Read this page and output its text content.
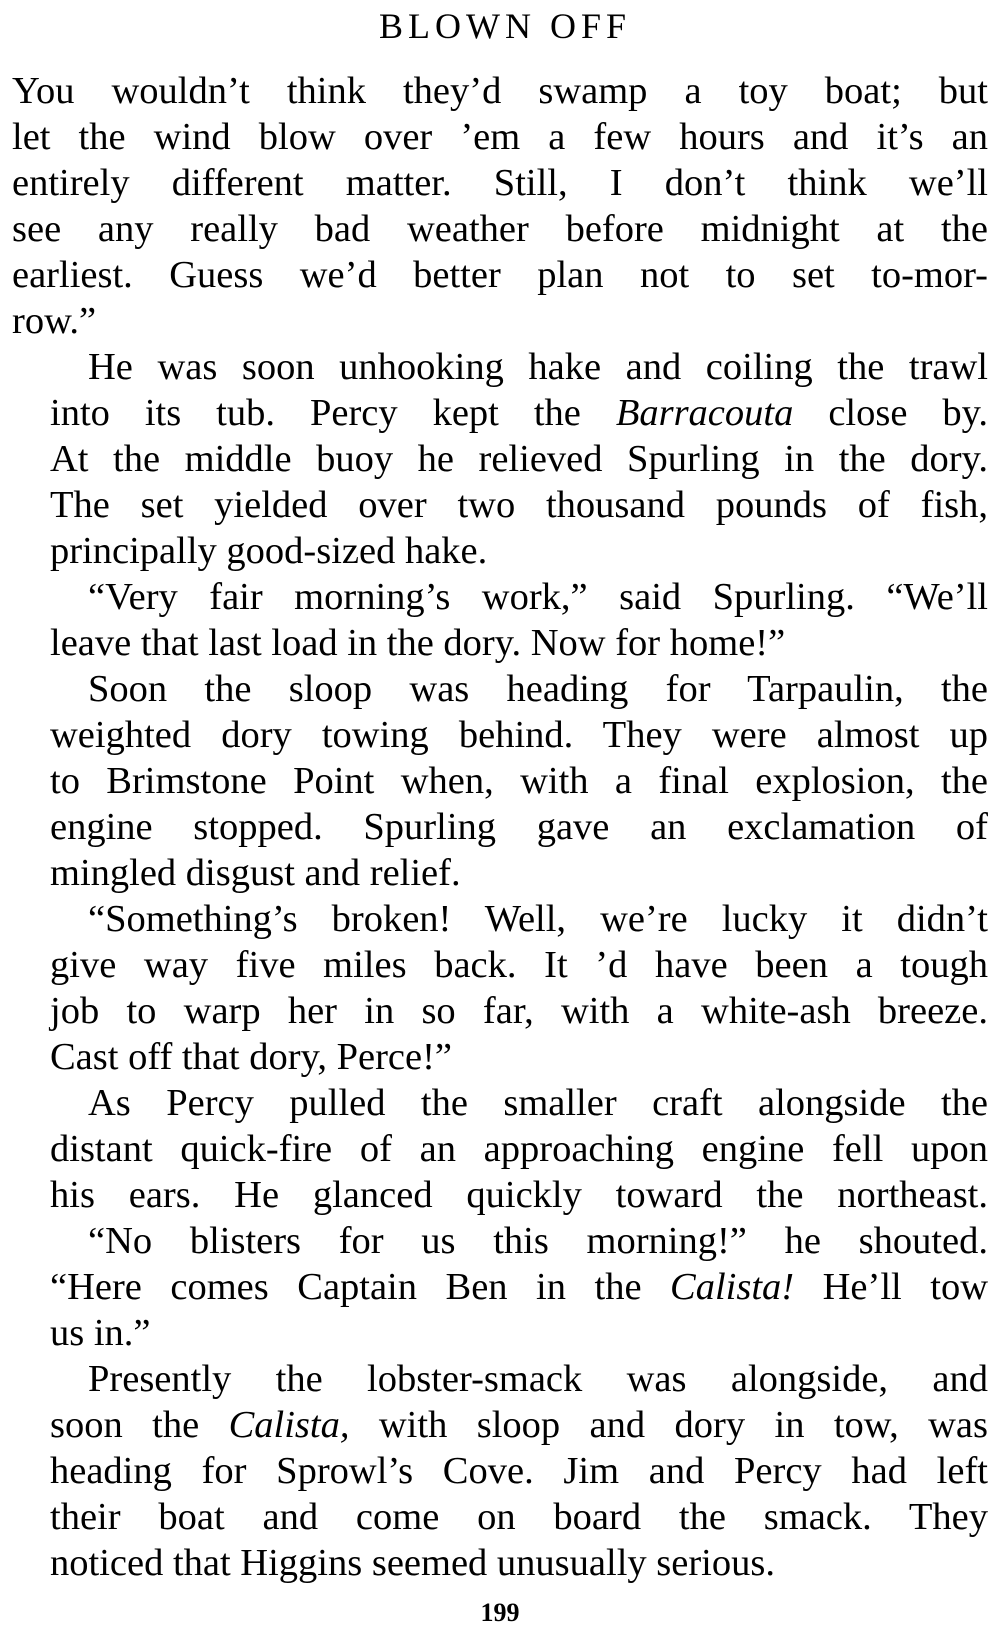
BLOWN OFF
You wouldn’t think they’d swamp a toy boat; but
let the wind blow over ’em a few hours and it’s an
entirely different matter. Still, I don’t think we’ll
see any really bad weather before midnight at the
earliest. Guess we’d better plan not to set to-mor-
row.”
He was soon unhooking hake and coiling the trawl
into its tub. Percy kept the Barracouta close by.
At the middle buoy he relieved Spurling in the dory.
The set yielded over two thousand pounds of fish,
principally good-sized hake.
“Very fair morning’s work,” said Spurling. “We’ll
leave that last load in the dory. Now for home!”
Soon the sloop was heading for Tarpaulin, the
weighted dory towing behind. They were almost up
to Brimstone Point when, with a final explosion, the
engine stopped. Spurling gave an exclamation of
mingled disgust and relief.
“Something’s broken! Well, we’re lucky it didn’t
give way five miles back. It ’d have been a tough
job to warp her in so far, with a white-ash breeze.
Cast off that dory, Perce!”
As Percy pulled the smaller craft alongside the
distant quick-fire of an approaching engine fell upon
his ears. He glanced quickly toward the northeast.
“No blisters for us this morning!” he shouted.
“Here comes Captain Ben in the Calista! He’ll tow
us in.”
Presently the lobster-smack was alongside, and
soon the Calista, with sloop and dory in tow, was
heading for Sprowl’s Cove. Jim and Percy had left
their boat and come on board the smack. They
noticed that Higgins seemed unusually serious.
199
